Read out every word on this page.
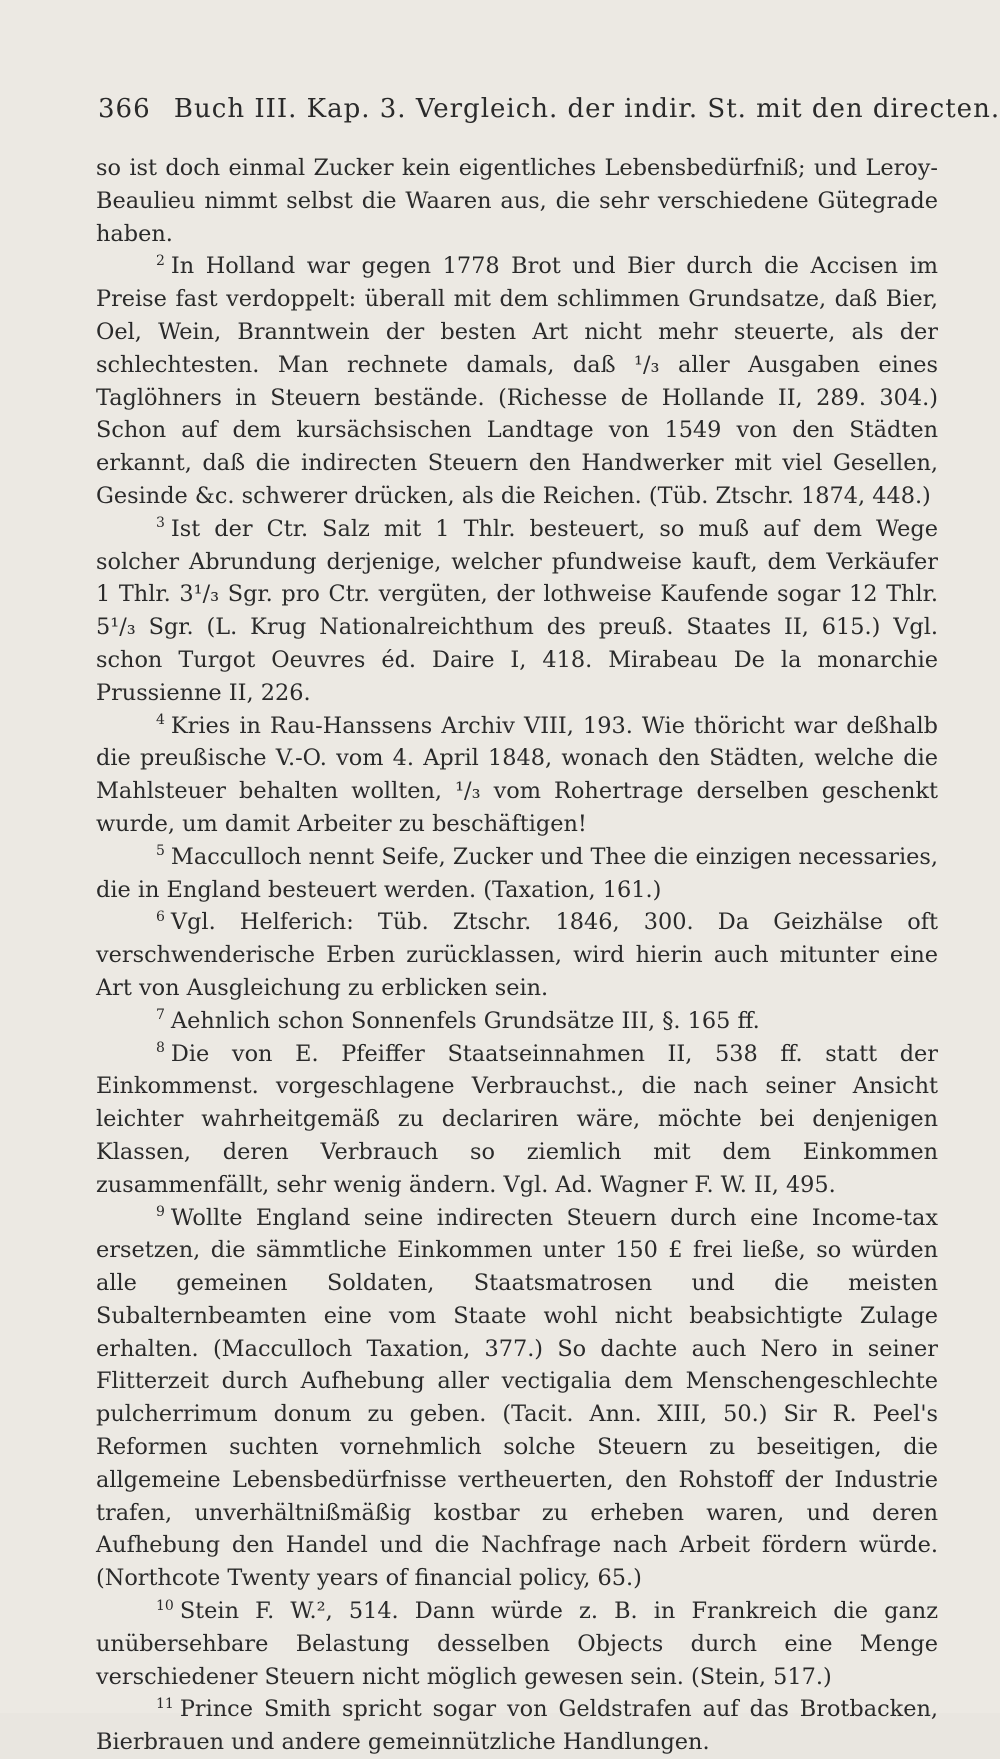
366 Buch III. Kap. 3. Vergleich. der indir. St. mit den directen.

so ist doch einmal Zucker kein eigentliches Lebensbedürfniß; und Leroy-Beaulieu nimmt selbst die Waaren aus, die sehr verschiedene Gütegrade haben.

$^2$ In Holland war gegen 1778 Brot und Bier durch die Accisen im Preise fast verdoppelt: überall mit dem schlimmen Grundsatze, daß Bier, Oel, Wein, Branntwein der besten Art nicht mehr steuerte, als der schlechtesten. Man rechnete damals, daß ¹/₃ aller Ausgaben eines Taglöhners in Steuern bestände. (Richesse de Hollande II, 289. 304.) Schon auf dem kursächsischen Landtage von 1549 von den Städten erkannt, daß die indirecten Steuern den Handwerker mit viel Gesellen, Gesinde &c. schwerer drücken, als die Reichen. (Tüb. Ztschr. 1874, 448.)

$^3$ Ist der Ctr. Salz mit 1 Thlr. besteuert, so muß auf dem Wege solcher Abrundung derjenige, welcher pfundweise kauft, dem Verkäufer 1 Thlr. 3¹/₃ Sgr. pro Ctr. vergüten, der lothweise Kaufende sogar 12 Thlr. 5¹/₃ Sgr. (L. Krug Nationalreichthum des preuß. Staates II, 615.) Vgl. schon Turgot Oeuvres éd. Daire I, 418. Mirabeau De la monarchie Prussienne II, 226.

$^4$ Kries in Rau-Hanssens Archiv VIII, 193. Wie thöricht war deßhalb die preußische V.-O. vom 4. April 1848, wonach den Städten, welche die Mahlsteuer behalten wollten, ¹/₃ vom Rohertrage derselben geschenkt wurde, um damit Arbeiter zu beschäftigen!

$^5$ Macculloch nennt Seife, Zucker und Thee die einzigen necessaries, die in England besteuert werden. (Taxation, 161.)

$^6$ Vgl. Helferich: Tüb. Ztschr. 1846, 300. Da Geizhälse oft verschwenderische Erben zurücklassen, wird hierin auch mitunter eine Art von Ausgleichung zu erblicken sein.

$^7$ Aehnlich schon Sonnenfels Grundsätze III, §. 165 ff.

$^8$ Die von E. Pfeiffer Staatseinnahmen II, 538 ff. statt der Einkommenst. vorgeschlagene Verbrauchst., die nach seiner Ansicht leichter wahrheitgemäß zu declariren wäre, möchte bei denjenigen Klassen, deren Verbrauch so ziemlich mit dem Einkommen zusammenfällt, sehr wenig ändern. Vgl. Ad. Wagner F. W. II, 495.

$^9$ Wollte England seine indirecten Steuern durch eine Income-tax ersetzen, die sämmtliche Einkommen unter 150 £ frei ließe, so würden alle gemeinen Soldaten, Staatsmatrosen und die meisten Subalternbeamten eine vom Staate wohl nicht beabsichtigte Zulage erhalten. (Macculloch Taxation, 377.) So dachte auch Nero in seiner Flitterzeit durch Aufhebung aller vectigalia dem Menschengeschlechte pulcherrimum donum zu geben. (Tacit. Ann. XIII, 50.) Sir R. Peel's Reformen suchten vornehmlich solche Steuern zu beseitigen, die allgemeine Lebensbedürfnisse vertheuerten, den Rohstoff der Industrie trafen, unverhältnißmäßig kostbar zu erheben waren, und deren Aufhebung den Handel und die Nachfrage nach Arbeit fördern würde. (Northcote Twenty years of financial policy, 65.)

$^{10}$ Stein F. W.², 514. Dann würde z. B. in Frankreich die ganz unübersehbare Belastung desselben Objects durch eine Menge verschiedener Steuern nicht möglich gewesen sein. (Stein, 517.)

$^{11}$ Prince Smith spricht sogar von Geldstrafen auf das Brotbacken, Bierbrauen und andere gemeinnützliche Handlungen.
